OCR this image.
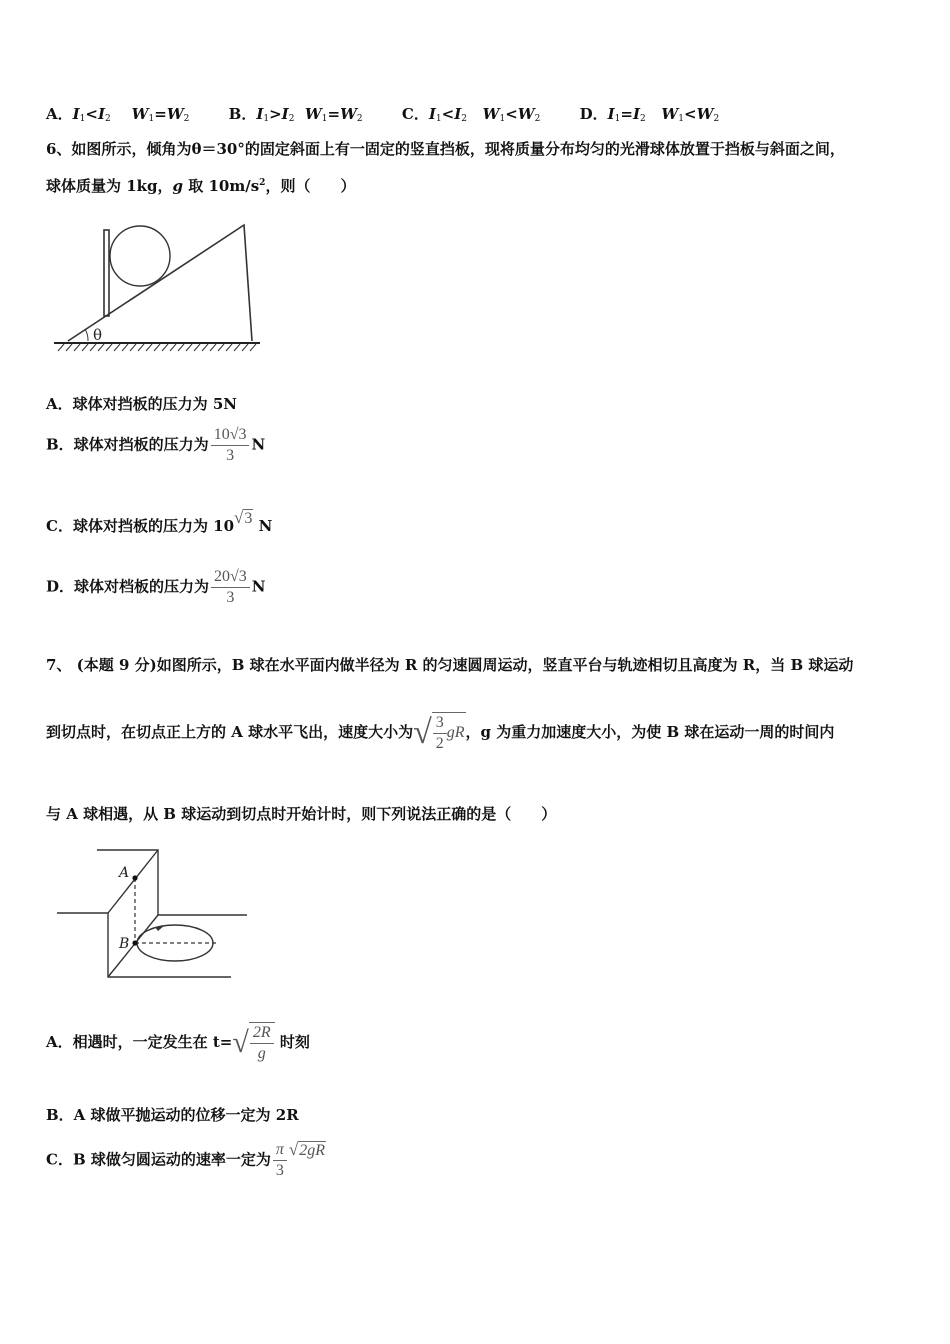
A．$I_1<I_2$ $W_1=W_2$	B．$I_1>I_2$ $W_1=W_2$	C．$I_1<I_2$ $W_1<W_2$	D．$I_1=I_2$ $W_1<W_2$
6、如图所示，倾角为θ＝30°的固定斜面上有一固定的竖直挡板，现将质量分布均匀的光滑球体放置于挡板与斜面之间，
球体质量为 1kg，g 取 $10m/s^2$，则（　　）
θ
A．球体对挡板的压力为 5N
B．球体对挡板的压力为 $\frac{10√3}{3}$ N
C．球体对挡板的压力为 10√3 N
D．球体对档板的压力为 $\frac{20√3}{3}$ N
7、 (本题 9 分)如图所示，B 球在水平面内做半径为 R 的匀速圆周运动，竖直平台与轨迹相切且高度为 R，当 B 球运动
到切点时，在切点正上方的 A 球水平飞出，速度大小为√ $\frac{3}{2}$ gR，g 为重力加速度大小，为使 B 球在运动一周的时间内
与 A 球相遇，从 B 球运动到切点时开始计时，则下列说法正确的是（　　）
A
B
A．相遇时，一定发生在 $t=√ \frac{2R}{g}$ 时刻
B．A 球做平抛运动的位移一定为 2R
C．B 球做匀圆运动的速率一定为 $\frac{\pi}{3} √2gR$
